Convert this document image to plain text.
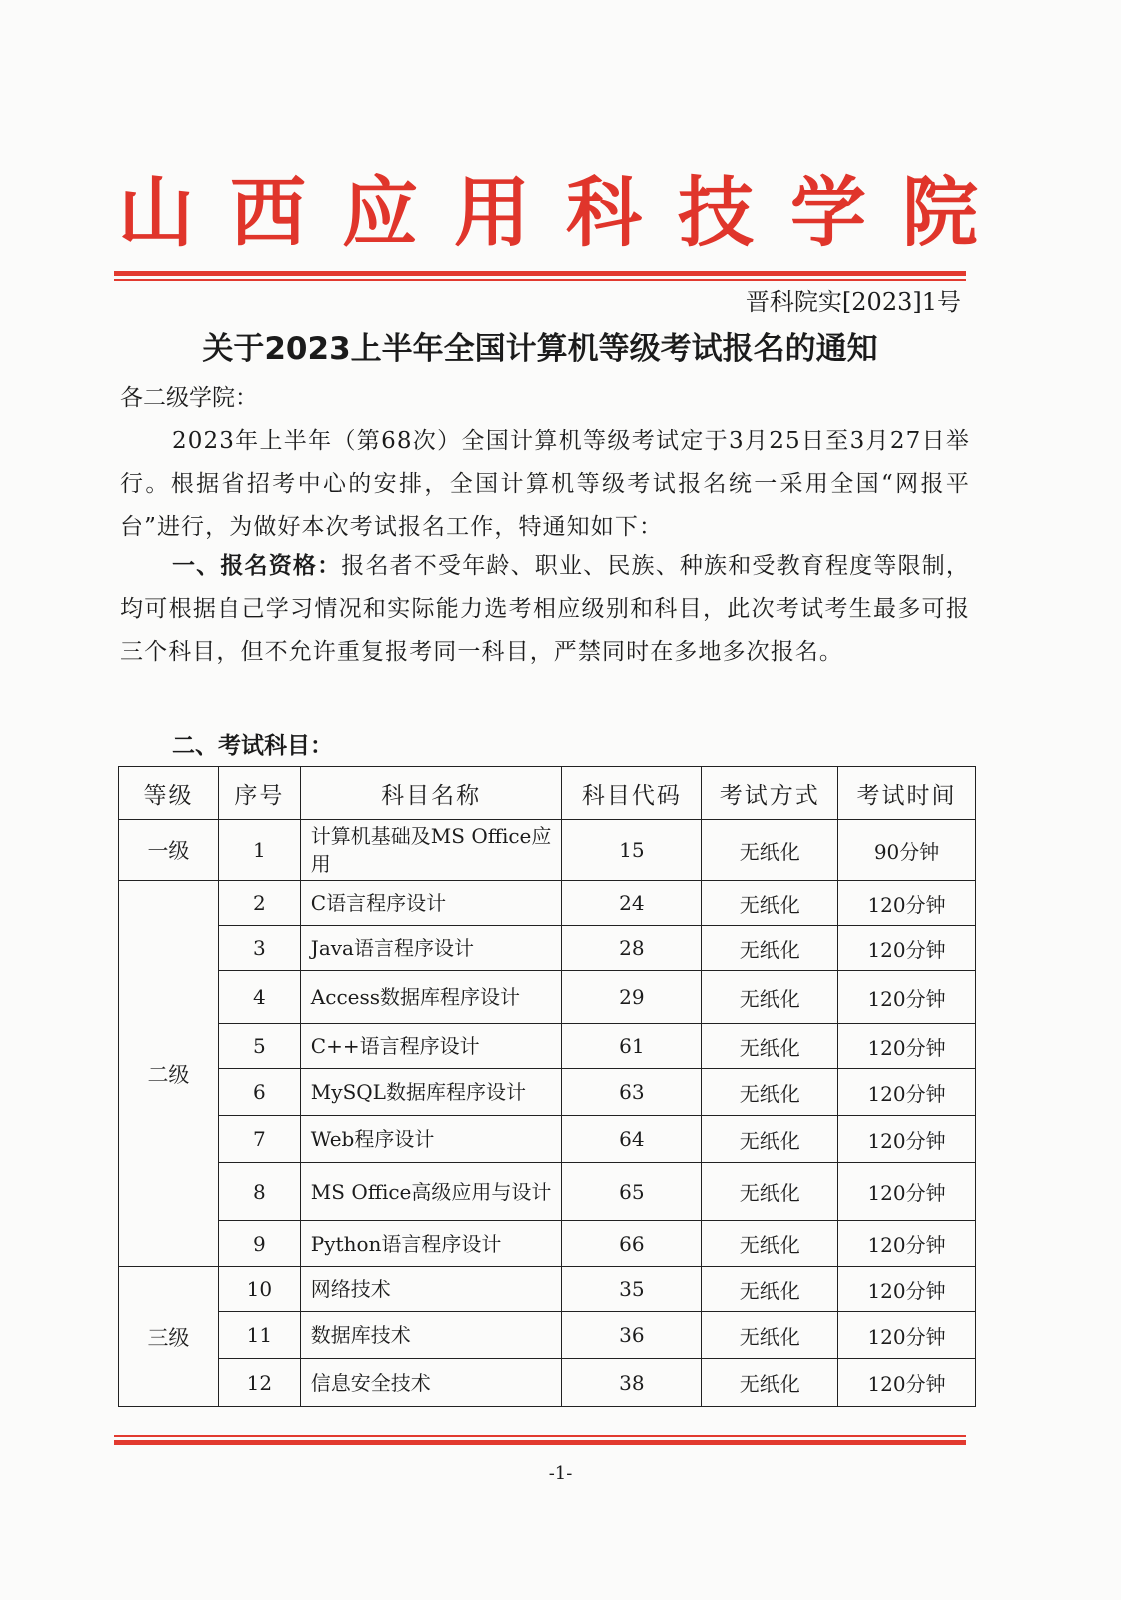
山 西 应 用 科 技 学 院
晋科院实[2023]1号
关于2023上半年全国计算机等级考试报名的通知
各二级学院：

2023年上半年（第68次）全国计算机等级考试定于3月25日至3月27日举行。根据省招考中心的安排，全国计算机等级考试报名统一采用全国“网报平台”进行，为做好本次考试报名工作，特通知如下：

一、报名资格：报名者不受年龄、职业、民族、种族和受教育程度等限制，均可根据自己学习情况和实际能力选考相应级别和科目，此次考试考生最多可报三个科目，但不允许重复报考同一科目，严禁同时在多地多次报名。

二、考试科目：
等级	序号	科目名称	科目代码	考试方式	考试时间
一级	1	计算机基础及MS Office应用	15	无纸化	90分钟
二级	2	C语言程序设计	24	无纸化	120分钟
	3	Java语言程序设计	28	无纸化	120分钟
	4	Access数据库程序设计	29	无纸化	120分钟
	5	C++语言程序设计	61	无纸化	120分钟
	6	MySQL数据库程序设计	63	无纸化	120分钟
	7	Web程序设计	64	无纸化	120分钟
	8	MS Office高级应用与设计	65	无纸化	120分钟
	9	Python语言程序设计	66	无纸化	120分钟
三级	10	网络技术	35	无纸化	120分钟
	11	数据库技术	36	无纸化	120分钟
	12	信息安全技术	38	无纸化	120分钟
-1-
